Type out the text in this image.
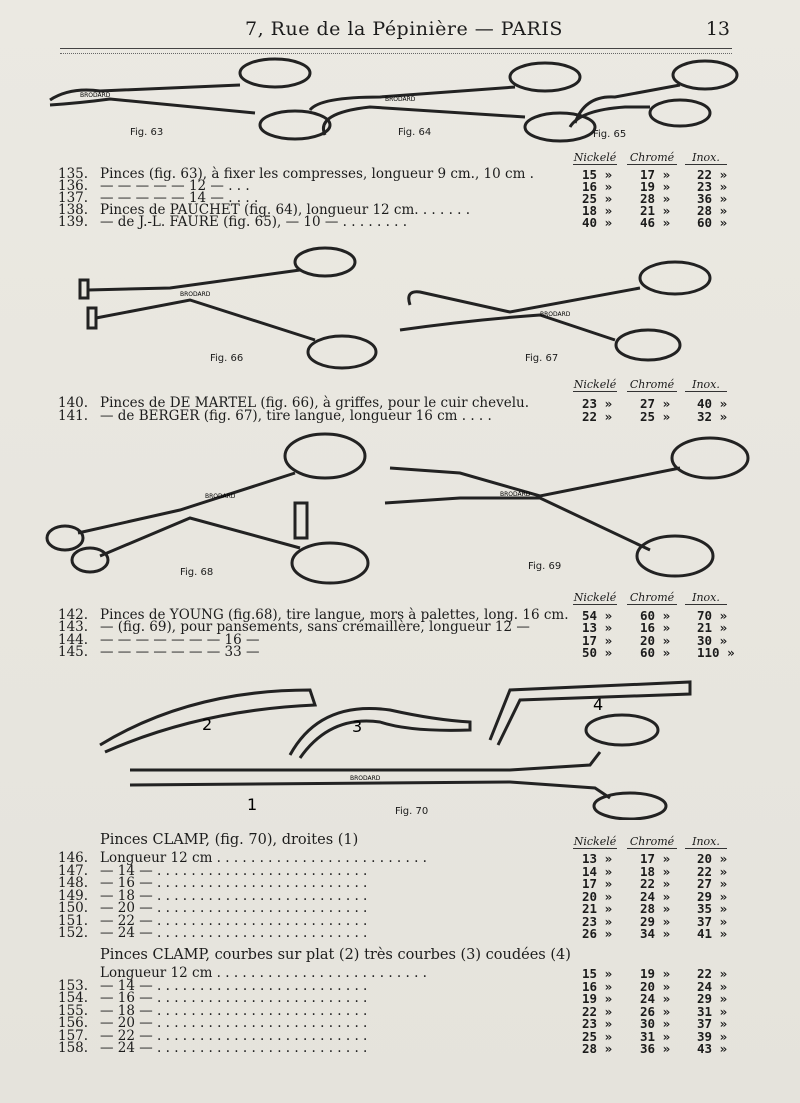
7, Rue de la Pépinière — PARIS	13
BRODARD
BRODARD
Fig. 63	Fig. 64	Fig. 65
Nickelé Chromé	Inox.
135. Pinces (fig. 63), à fixer les compresses, longueur 9 cm., 10 cm .	15 » 17 » 22 »
136. — — — — — 12 — . . .	16 » 19 » 23 »
137. — — — — — 14 — . . . .	25 » 28 » 36 »
138. Pinces de PAUCHET (fig. 64), longueur 12 cm. . . . . . .	18 » 21 » 28 »
139. — de J.-L. FAURE (fig. 65), — 10 — . . . . . . . .	40 » 46 » 60 »
BRODARD
BRODARD
Fig. 66	Fig. 67
Nickelé Chromé	Inox.
140. Pinces de DE MARTEL (fig. 66), à griffes, pour le cuir chevelu.	23 » 27 » 40 »
141. — de BERGER (fig. 67), tire langue, longueur 16 cm . . . .	22 » 25 » 32 »
BRODARD	BRODARD
Fig. 68
Fig. 69
Nickelé Chromé	Inox.
142. Pinces de YOUNG (fig.68), tire langue, mors à palettes, long. 16 cm. 54 » 60 » 70 »
143. — (fig. 69), pour pansements, sans crémaillère, longueur 12 —	13 » 16 » 21 »
144. — — — — — — — 16 —	17 » 20 » 30 »
145. — — — — — — — 33 —	50 » 60 » 110 »
2	3
4
1
BRODARD
Fig. 70
Pinces CLAMP, (fig. 70), droites (1)	Nickelé Chromé	Inox.
146. Longueur 12 cm . . . . . . . . . . . . . . . . . . . . . . . . .	13 » 17 » 20 »
147. — 14 — . . . . . . . . . . . . . . . . . . . . . . . . .	14 » 18 » 22 »
148. — 16 — . . . . . . . . . . . . . . . . . . . . . . . . .	17 » 22 » 27 »
149. — 18 — . . . . . . . . . . . . . . . . . . . . . . . . .	20 » 24 » 29 »
150. — 20 — . . . . . . . . . . . . . . . . . . . . . . . . .	21 » 28 » 35 »
151. — 22 — . . . . . . . . . . . . . . . . . . . . . . . . .	23 » 29 » 37 »
152. — 24 — . . . . . . . . . . . . . . . . . . . . . . . . .	26 » 34 » 41 »
Pinces CLAMP, courbes sur plat (2) très courbes (3) coudées (4)
Longueur 12 cm . . . . . . . . . . . . . . . . . . . . . . . . .	15 » 19 » 22 »
153. — 14 — . . . . . . . . . . . . . . . . . . . . . . . . .	16 » 20 » 24 »
154. — 16 — . . . . . . . . . . . . . . . . . . . . . . . . .	19 » 24 » 29 »
155. — 18 — . . . . . . . . . . . . . . . . . . . . . . . . .	22 » 26 » 31 »
156. — 20 — . . . . . . . . . . . . . . . . . . . . . . . . .	23 » 30 » 37 »
157. — 22 — . . . . . . . . . . . . . . . . . . . . . . . . .	25 » 31 » 39 »
158. — 24 — . . . . . . . . . . . . . . . . . . . . . . . . .	28 » 36 » 43 »
